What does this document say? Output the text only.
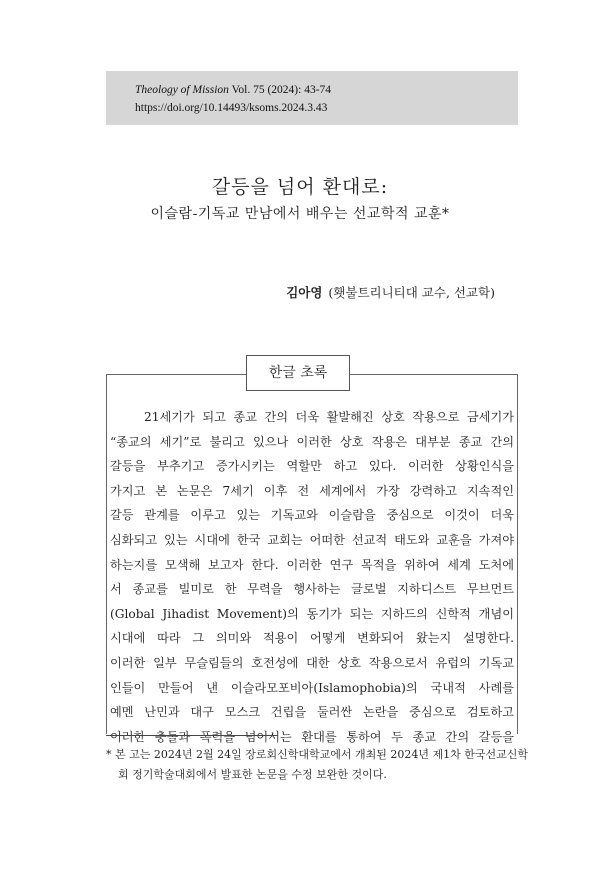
Theology of Mission Vol. 75 (2024): 43-74
https://doi.org/10.14493/ksoms.2024.3.43
갈등을 넘어 환대로:
이슬람-기독교 만남에서 배우는 선교학적 교훈*
김아영 (횃불트리니티대 교수, 선교학)
한글 초록
21세기가 되고 종교 간의 더욱 활발해진 상호 작용으로 금세기가
“종교의 세기”로 불리고 있으나 이러한 상호 작용은 대부분 종교 간의
갈등을 부추기고 증가시키는 역할만 하고 있다. 이러한 상황인식을
가지고 본 논문은 7세기 이후 전 세계에서 가장 강력하고 지속적인
갈등 관계를 이루고 있는 기독교와 이슬람을 중심으로 이것이 더욱
심화되고 있는 시대에 한국 교회는 어떠한 선교적 태도와 교훈을 가져야
하는지를 모색해 보고자 한다. 이러한 연구 목적을 위하여 세계 도처에
서 종교를 빌미로 한 무력을 행사하는 글로벌 지하디스트 무브먼트
(Global Jihadist Movement)의 동기가 되는 지하드의 신학적 개념이
시대에 따라 그 의미와 적용이 어떻게 변화되어 왔는지 설명한다.
이러한 일부 무슬림들의 호전성에 대한 상호 작용으로서 유럽의 기독교
인들이 만들어 낸 이슬라모포비아(Islamophobia)의 국내적 사례를
예멘 난민과 대구 모스크 건립을 둘러싼 논란을 중심으로 검토하고
이러한 충돌과 폭력을 넘어서는 환대를 통하여 두 종교 간의 갈등을
* 본 고는 2024년 2월 24일 장로회신학대학교에서 개최된 2024년 제1차 한국선교신학
회 정기학술대회에서 발표한 논문을 수정 보완한 것이다.
